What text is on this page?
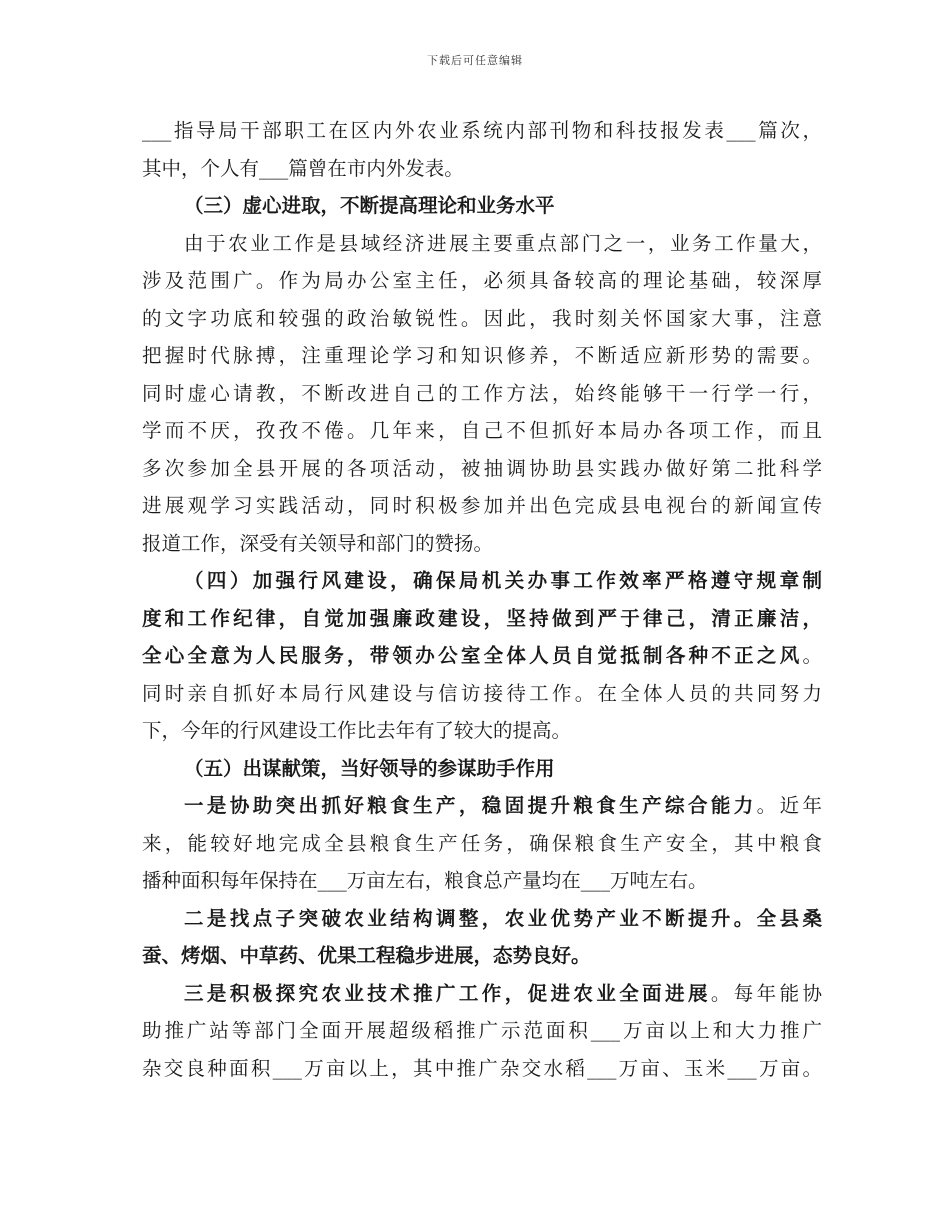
下载后可任意编辑
___指导局干部职工在区内外农业系统内部刊物和科技报发表___篇次，
其中，个人有___篇曾在市内外发表。
（三）虚心进取，不断提高理论和业务水平
由于农业工作是县域经济进展主要重点部门之一，业务工作量大，
涉及范围广。作为局办公室主任，必须具备较高的理论基础，较深厚
的文字功底和较强的政治敏锐性。因此，我时刻关怀国家大事，注意
把握时代脉搏，注重理论学习和知识修养，不断适应新形势的需要。
同时虚心请教，不断改进自己的工作方法，始终能够干一行学一行，
学而不厌，孜孜不倦。几年来，自己不但抓好本局办各项工作，而且
多次参加全县开展的各项活动，被抽调协助县实践办做好第二批科学
进展观学习实践活动，同时积极参加并出色完成县电视台的新闻宣传
报道工作，深受有关领导和部门的赞扬。
（四）加强行风建设，确保局机关办事工作效率严格遵守规章制
度和工作纪律，自觉加强廉政建设，坚持做到严于律己，清正廉洁，
全心全意为人民服务，带领办公室全体人员自觉抵制各种不正之风。
同时亲自抓好本局行风建设与信访接待工作。在全体人员的共同努力
下，今年的行风建设工作比去年有了较大的提高。
（五）出谋献策，当好领导的参谋助手作用
一是协助突出抓好粮食生产，稳固提升粮食生产综合能力。近年
来，能较好地完成全县粮食生产任务，确保粮食生产安全，其中粮食
播种面积每年保持在___万亩左右，粮食总产量均在___万吨左右。
二是找点子突破农业结构调整，农业优势产业不断提升。全县桑
蚕、烤烟、中草药、优果工程稳步进展，态势良好。
三是积极探究农业技术推广工作，促进农业全面进展。每年能协
助推广站等部门全面开展超级稻推广示范面积___万亩以上和大力推广
杂交良种面积___万亩以上，其中推广杂交水稻___万亩、玉米___万亩。
